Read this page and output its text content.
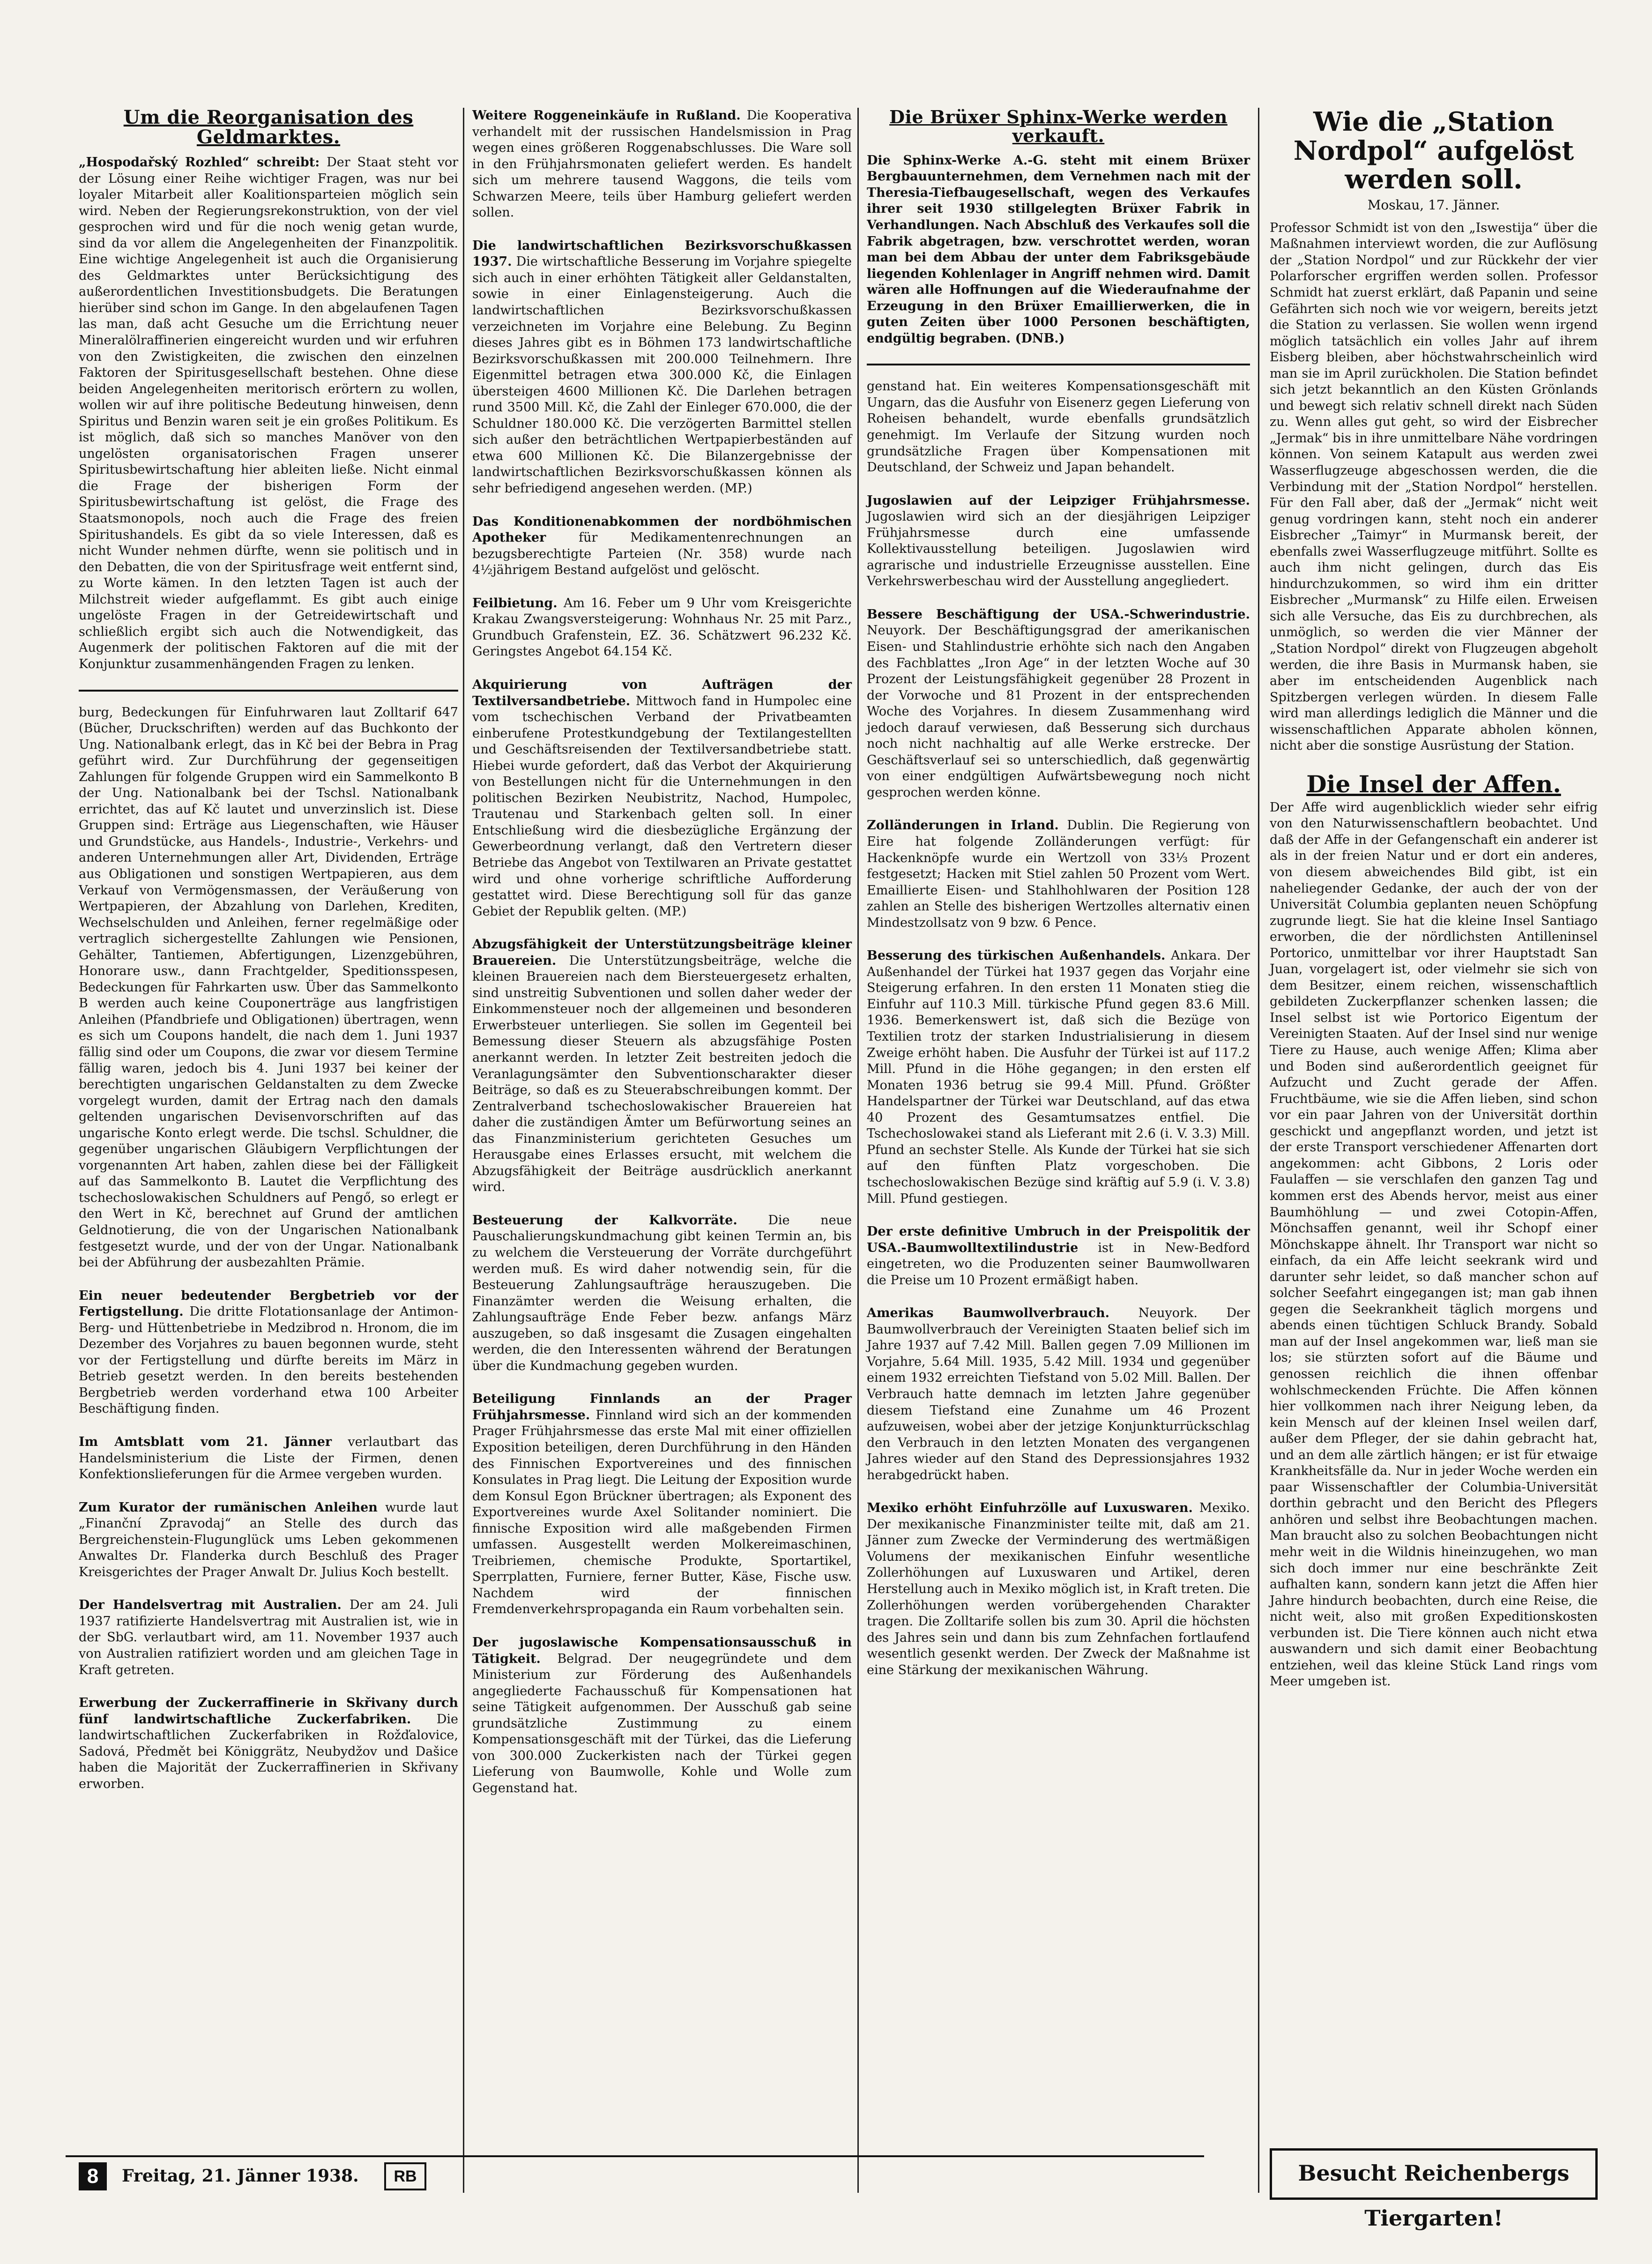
Um die Reorganisation des Geldmarktes.

„Hospodařský Rozhled“ schreibt: Der Staat steht vor der Lösung einer Reihe wichtiger Fragen, was nur bei loyaler Mitarbeit aller Koalitionsparteien möglich sein wird. Neben der Regierungsrekonstruktion, von der viel gesprochen wird und für die noch wenig getan wurde, sind da vor allem die Angelegenheiten der Finanzpolitik. Eine wichtige Angelegenheit ist auch die Organisierung des Geldmarktes unter Berücksichtigung des außerordentlichen Investitionsbudgets. Die Beratungen hierüber sind schon im Gange. In den abgelaufenen Tagen las man, daß acht Gesuche um die Errichtung neuer Mineralölraffinerien eingereicht wurden und wir erfuhren von den Zwistigkeiten, die zwischen den einzelnen Faktoren der Spiritusgesellschaft bestehen. Ohne diese beiden Angelegenheiten meritorisch erörtern zu wollen, wollen wir auf ihre politische Bedeutung hinweisen, denn Spiritus und Benzin waren seit je ein großes Politikum. Es ist möglich, daß sich so manches Manöver von den ungelösten organisatorischen Fragen unserer Spiritusbewirtschaftung hier ableiten ließe. Nicht einmal die Frage der bisherigen Form der Spiritusbewirtschaftung ist gelöst, die Frage des Staatsmonopols, noch auch die Frage des freien Spiritushandels. Es gibt da so viele Interessen, daß es nicht Wunder nehmen dürfte, wenn sie politisch und in den Debatten, die von der Spiritusfrage weit entfernt sind, zu Worte kämen. In den letzten Tagen ist auch der Milchstreit wieder aufgeflammt. Es gibt auch einige ungelöste Fragen in der Getreidewirtschaft und schließlich ergibt sich auch die Notwendigkeit, das Augenmerk der politischen Faktoren auf die mit der Konjunktur zusammenhängenden Fragen zu lenken.

burg, Bedeckungen für Einfuhrwaren laut Zolltarif 647 (Bücher, Druckschriften) werden auf das Buchkonto der Ung. Nationalbank erlegt, das in Kč bei der Bebra in Prag geführt wird. Zur Durchführung der gegenseitigen Zahlungen für folgende Gruppen wird ein Sammelkonto B der Ung. Nationalbank bei der Tschsl. Nationalbank errichtet, das auf Kč lautet und unverzinslich ist. Diese Gruppen sind: Erträge aus Liegenschaften, wie Häuser und Grundstücke, aus Handels-, Industrie-, Verkehrs- und anderen Unternehmungen aller Art, Dividenden, Erträge aus Obligationen und sonstigen Wertpapieren, aus dem Verkauf von Vermögensmassen, der Veräußerung von Wertpapieren, der Abzahlung von Darlehen, Krediten, Wechselschulden und Anleihen, ferner regelmäßige oder vertraglich sichergestellte Zahlungen wie Pensionen, Gehälter, Tantiemen, Abfertigungen, Lizenzgebühren, Honorare usw., dann Frachtgelder, Speditionsspesen, Bedeckungen für Fahrkarten usw. Über das Sammelkonto B werden auch keine Couponerträge aus langfristigen Anleihen (Pfandbriefe und Obligationen) übertragen, wenn es sich um Coupons handelt, die nach dem 1. Juni 1937 fällig sind oder um Coupons, die zwar vor diesem Termine fällig waren, jedoch bis 4. Juni 1937 bei keiner der berechtigten ungarischen Geldanstalten zu dem Zwecke vorgelegt wurden, damit der Ertrag nach den damals geltenden ungarischen Devisenvorschriften auf das ungarische Konto erlegt werde. Die tschsl. Schuldner, die gegenüber ungarischen Gläubigern Verpflichtungen der vorgenannten Art haben, zahlen diese bei der Fälligkeit auf das Sammelkonto B. Lautet die Verpflichtung des tschechoslowakischen Schuldners auf Pengő, so erlegt er den Wert in Kč, berechnet auf Grund der amtlichen Geldnotierung, die von der Ungarischen Nationalbank festgesetzt wurde, und der von der Ungar. Nationalbank bei der Abführung der ausbezahlten Prämie.

Ein neuer bedeutender Bergbetrieb vor der Fertigstellung. Die dritte Flotationsanlage der Antimon-Berg- und Hüttenbetriebe in Medzibrod n. Hronom, die im Dezember des Vorjahres zu bauen begonnen wurde, steht vor der Fertigstellung und dürfte bereits im März in Betrieb gesetzt werden. In den bereits bestehenden Bergbetrieb werden vorderhand etwa 100 Arbeiter Beschäftigung finden.

Im Amtsblatt vom 21. Jänner verlautbart das Handelsministerium die Liste der Firmen, denen Konfektionslieferungen für die Armee vergeben wurden.

Zum Kurator der rumänischen Anleihen wurde laut „Finanční Zpravodaj“ an Stelle des durch das Bergreichenstein-Flugunglück ums Leben gekommenen Anwaltes Dr. Flanderka durch Beschluß des Prager Kreisgerichtes der Prager Anwalt Dr. Julius Koch bestellt.

Der Handelsvertrag mit Australien. Der am 24. Juli 1937 ratifizierte Handelsvertrag mit Australien ist, wie in der SbG. verlautbart wird, am 11. November 1937 auch von Australien ratifiziert worden und am gleichen Tage in Kraft getreten.

Erwerbung der Zuckerraffinerie in Skřivany durch fünf landwirtschaftliche Zuckerfabriken. Die landwirtschaftlichen Zuckerfabriken in Rožďalovice, Sadová, Předmět bei Königgrätz, Neubydžov und Dašice haben die Majorität der Zuckerraffinerien in Skřivany erworben.

Weitere Roggeneinkäufe in Rußland. Die Kooperativa verhandelt mit der russischen Handelsmission in Prag wegen eines größeren Roggenabschlusses. Die Ware soll in den Frühjahrsmonaten geliefert werden. Es handelt sich um mehrere tausend Waggons, die teils vom Schwarzen Meere, teils über Hamburg geliefert werden sollen.

Die landwirtschaftlichen Bezirksvorschußkassen 1937. Die wirtschaftliche Besserung im Vorjahre spiegelte sich auch in einer erhöhten Tätigkeit aller Geldanstalten, sowie in einer Einlagensteigerung. Auch die landwirtschaftlichen Bezirksvorschußkassen verzeichneten im Vorjahre eine Belebung. Zu Beginn dieses Jahres gibt es in Böhmen 173 landwirtschaftliche Bezirksvorschußkassen mit 200.000 Teilnehmern. Ihre Eigenmittel betragen etwa 300.000 Kč, die Einlagen übersteigen 4600 Millionen Kč. Die Darlehen betragen rund 3500 Mill. Kč, die Zahl der Einleger 670.000, die der Schuldner 180.000 Kč. Die verzögerten Barmittel stellen sich außer den beträchtlichen Wertpapierbeständen auf etwa 600 Millionen Kč. Die Bilanzergebnisse der landwirtschaftlichen Bezirksvorschußkassen können als sehr befriedigend angesehen werden. (MP.)

Das Konditionenabkommen der nordböhmischen Apotheker	für Medikamentenrechnungen an bezugsberechtigte Parteien (Nr. 358) wurde nach 4½jährigem Bestand aufgelöst und gelöscht.

Feilbietung. Am 16. Feber um 9 Uhr vom Kreisgerichte Krakau Zwangsversteigerung: Wohnhaus Nr. 25 mit Parz., Grundbuch Grafenstein, EZ. 36. Schätzwert 96.232 Kč. Geringstes Angebot 64.154 Kč.

Akquirierung von Aufträgen der Textilversandbetriebe. Mittwoch fand in Humpolec eine vom tschechischen Verband der Privatbeamten einberufene Protestkundgebung der Textilangestellten und Geschäftsreisenden der Textilversandbetriebe statt. Hiebei wurde gefordert, daß das Verbot der Akquirierung von Bestellungen nicht für die Unternehmungen in den politischen Bezirken Neubistritz, Nachod, Humpolec, Trautenau und Starkenbach gelten soll. In einer Entschließung wird die diesbezügliche Ergänzung der Gewerbeordnung verlangt, daß den Vertretern dieser Betriebe das Angebot von Textilwaren an Private gestattet wird und ohne vorherige schriftliche Aufforderung gestattet wird. Diese Berechtigung soll für das ganze Gebiet der Republik gelten. (MP.)

Abzugsfähigkeit der Unterstützungsbeiträge kleiner Brauereien. Die Unterstützungsbeiträge, welche die kleinen Brauereien nach dem Biersteuergesetz erhalten, sind unstreitig Subventionen und sollen daher weder der Einkommensteuer noch der allgemeinen und besonderen Erwerbsteuer unterliegen. Sie sollen im Gegenteil bei Bemessung dieser Steuern als abzugsfähige Posten anerkannt werden. In letzter Zeit bestreiten jedoch die Veranlagungsämter den Subventionscharakter dieser Beiträge, so daß es zu Steuerabschreibungen kommt. Der Zentralverband tschechoslowakischer Brauereien hat daher die zuständigen Ämter um Befürwortung seines an das Finanzministerium gerichteten Gesuches um Herausgabe eines Erlasses ersucht, mit welchem die Abzugsfähigkeit der Beiträge ausdrücklich anerkannt wird.

Besteuerung der Kalkvorräte. Die neue Pauschalierungskundmachung gibt keinen Termin an, bis zu welchem die Versteuerung der Vorräte durchgeführt werden muß. Es wird daher notwendig sein, für die Besteuerung Zahlungsaufträge herauszugeben. Die Finanzämter werden die Weisung erhalten, die Zahlungsaufträge Ende Feber bezw. anfangs März auszugeben, so daß insgesamt die Zusagen eingehalten werden, die den Interessenten während der Beratungen über die Kundmachung gegeben wurden.

Beteiligung Finnlands an der Prager Frühjahrsmesse. Finnland wird sich an der kommenden Prager Frühjahrsmesse das erste Mal mit einer offiziellen Exposition beteiligen, deren Durchführung in den Händen des Finnischen Exportvereines und des finnischen Konsulates in Prag liegt. Die Leitung der Exposition wurde dem Konsul Egon Brückner übertragen; als Exponent des Exportvereines wurde Axel Solitander nominiert. Die finnische Exposition wird alle maßgebenden Firmen umfassen. Ausgestellt werden Molkereimaschinen, Treibriemen, chemische Produkte, Sportartikel, Sperrplatten, Furniere, ferner Butter, Käse, Fische usw. Nachdem wird der finnischen Fremdenverkehrspropaganda ein Raum vorbehalten sein.

Der jugoslawische Kompensationsausschuß in Tätigkeit. Belgrad. Der neugegründete und dem Ministerium zur Förderung des Außenhandels angegliederte Fachausschuß für Kompensationen hat seine Tätigkeit aufgenommen. Der Ausschuß gab seine grundsätzliche Zustimmung zu einem Kompensationsgeschäft mit der Türkei, das die Lieferung von 300.000 Zuckerkisten nach der Türkei gegen Lieferung von Baumwolle, Kohle und Wolle zum Gegenstand hat.

Die Brüxer Sphinx-Werke werden verkauft.

Die Sphinx-Werke A.-G. steht mit einem Brüxer Bergbauunternehmen, dem Vernehmen nach mit der Theresia-Tiefbaugesellschaft, wegen des Verkaufes ihrer seit 1930 stillgelegten Brüxer Fabrik in Verhandlungen. Nach Abschluß des Verkaufes soll die Fabrik abgetragen, bzw. verschrottet werden, woran man bei dem Abbau der unter dem Fabriksgebäude liegenden Kohlenlager in Angriff nehmen wird. Damit wären alle Hoffnungen auf die Wiederaufnahme der Erzeugung in den Brüxer Emaillierwerken, die in guten Zeiten über 1000 Personen beschäftigten, endgültig begraben. (DNB.)

genstand hat. Ein weiteres Kompensationsgeschäft mit Ungarn, das die Ausfuhr von Eisenerz gegen Lieferung von Roheisen behandelt, wurde ebenfalls grundsätzlich genehmigt. Im Verlaufe der Sitzung wurden noch grundsätzliche Fragen über Kompensationen mit Deutschland, der Schweiz und Japan behandelt.

Jugoslawien auf der Leipziger Frühjahrsmesse. Jugoslawien wird sich an der diesjährigen Leipziger Frühjahrsmesse durch eine umfassende Kollektivausstellung beteiligen. Jugoslawien wird agrarische und industrielle Erzeugnisse ausstellen. Eine Verkehrswerbeschau wird der Ausstellung angegliedert.

Bessere Beschäftigung der USA.-Schwerindustrie. Neuyork. Der Beschäftigungsgrad der amerikanischen Eisen- und Stahlindustrie erhöhte sich nach den Angaben des Fachblattes „Iron Age“ in der letzten Woche auf 30 Prozent der Leistungsfähigkeit gegenüber 28 Prozent in der Vorwoche und 81 Prozent in der entsprechenden Woche des Vorjahres. In diesem Zusammenhang wird jedoch darauf verwiesen, daß Besserung sich durchaus noch nicht nachhaltig auf alle Werke erstrecke. Der Geschäftsverlauf sei so unterschiedlich, daß gegenwärtig von einer endgültigen Aufwärtsbewegung noch nicht gesprochen werden könne.

Zolländerungen in Irland. Dublin. Die Regierung von Eire hat folgende Zolländerungen verfügt: für Hackenknöpfe wurde ein Wertzoll von 33⅓ Prozent festgesetzt; Hacken mit Stiel zahlen 50 Prozent vom Wert. Emaillierte Eisen- und Stahlhohlwaren der Position 128 zahlen an Stelle des bisherigen Wertzolles alternativ einen Mindestzollsatz von 9 bzw. 6 Pence.

Besserung des türkischen Außenhandels. Ankara. Der Außenhandel der Türkei hat 1937 gegen das Vorjahr eine Steigerung erfahren. In den ersten 11 Monaten stieg die Einfuhr auf 110.3 Mill. türkische Pfund gegen 83.6 Mill. 1936. Bemerkenswert ist, daß sich die Bezüge von Textilien trotz der starken Industrialisierung in diesem Zweige erhöht haben. Die Ausfuhr der Türkei ist auf 117.2 Mill. Pfund in die Höhe gegangen; in den ersten elf Monaten 1936 betrug sie 99.4 Mill. Pfund. Größter Handelspartner der Türkei war Deutschland, auf das etwa 40 Prozent des Gesamtumsatzes entfiel. Die Tschechoslowakei stand als Lieferant mit 2.6 (i. V. 3.3) Mill. Pfund an sechster Stelle. Als Kunde der Türkei hat sie sich auf den fünften Platz vorgeschoben. Die tschechoslowakischen Bezüge sind kräftig auf 5.9 (i. V. 3.8) Mill. Pfund gestiegen.

Der erste definitive Umbruch in der Preispolitik der USA.-Baumwolltextilindustrie ist in New-Bedford eingetreten, wo die Produzenten seiner Baumwollwaren die Preise um 10 Prozent ermäßigt haben.

Amerikas Baumwollverbrauch. Neuyork. Der Baumwollverbrauch der Vereinigten Staaten belief sich im Jahre 1937 auf 7.42 Mill. Ballen gegen 7.09 Millionen im Vorjahre, 5.64 Mill. 1935, 5.42 Mill. 1934 und gegenüber einem 1932 erreichten Tiefstand von 5.02 Mill. Ballen. Der Verbrauch hatte demnach im letzten Jahre gegenüber diesem Tiefstand eine Zunahme um 46 Prozent aufzuweisen, wobei aber der jetzige Konjunkturrückschlag den Verbrauch in den letzten Monaten des vergangenen Jahres wieder auf den Stand des Depressionsjahres 1932 herabgedrückt haben.

Mexiko erhöht Einfuhrzölle auf Luxuswaren. Mexiko. Der mexikanische Finanzminister teilte mit, daß am 21. Jänner zum Zwecke der Verminderung des wertmäßigen Volumens der mexikanischen Einfuhr wesentliche Zollerhöhungen auf Luxuswaren und Artikel, deren Herstellung auch in Mexiko möglich ist, in Kraft treten. Die Zollerhöhungen werden vorübergehenden Charakter tragen. Die Zolltarife sollen bis zum 30. April die höchsten des Jahres sein und dann bis zum Zehnfachen fortlaufend wesentlich gesenkt werden. Der Zweck der Maßnahme ist eine Stärkung der mexikanischen Währung.

Wie die „Station Nordpol“ aufgelöst werden soll.
Moskau, 17. Jänner.

Professor Schmidt ist von den „Iswestija“ über die Maßnahmen interviewt worden, die zur Auflösung der „Station Nordpol“ und zur Rückkehr der vier Polarforscher ergriffen werden sollen. Professor Schmidt hat zuerst erklärt, daß Papanin und seine Gefährten sich noch wie vor weigern, bereits jetzt die Station zu verlassen. Sie wollen wenn irgend möglich tatsächlich ein volles Jahr auf ihrem Eisberg bleiben, aber höchstwahrscheinlich wird man sie im April zurückholen. Die Station befindet sich jetzt bekanntlich an den Küsten Grönlands und bewegt sich relativ schnell direkt nach Süden zu. Wenn alles gut geht, so wird der Eisbrecher „Jermak“ bis in ihre unmittelbare Nähe vordringen können. Von seinem Katapult aus werden zwei Wasserflugzeuge abgeschossen werden, die die Verbindung mit der „Station Nordpol“ herstellen. Für den Fall aber, daß der „Jermak“ nicht weit genug vordringen kann, steht noch ein anderer Eisbrecher „Taimyr“ in Murmansk bereit, der ebenfalls zwei Wasserflugzeuge mitführt. Sollte es auch ihm nicht gelingen, durch das Eis hindurchzukommen, so wird ihm ein dritter Eisbrecher „Murmansk“ zu Hilfe eilen. Erweisen sich alle Versuche, das Eis zu durchbrechen, als unmöglich, so werden die vier Männer der „Station Nordpol“ direkt von Flugzeugen abgeholt werden, die ihre Basis in Murmansk haben, sie aber im entscheidenden Augenblick nach Spitzbergen verlegen würden. In diesem Falle wird man allerdings lediglich die Männer und die wissenschaftlichen Apparate abholen können, nicht aber die sonstige Ausrüstung der Station.

Die Insel der Affen.

Der Affe wird augenblicklich wieder sehr eifrig von den Naturwissenschaftlern beobachtet. Und daß der Affe in der Gefangenschaft ein anderer ist als in der freien Natur und er dort ein anderes, von diesem abweichendes Bild gibt, ist ein naheliegender Gedanke, der auch der von der Universität Columbia geplanten neuen Schöpfung zugrunde liegt. Sie hat die kleine Insel Santiago erworben, die der nördlichsten Antilleninsel Portorico, unmittelbar vor ihrer Hauptstadt San Juan, vorgelagert ist, oder vielmehr sie sich von dem Besitzer, einem reichen, wissenschaftlich gebildeten Zuckerpflanzer schenken lassen; die Insel selbst ist wie Portorico Eigentum der Vereinigten Staaten. Auf der Insel sind nur wenige Tiere zu Hause, auch wenige Affen; Klima aber und Boden sind außerordentlich geeignet für Aufzucht und Zucht gerade der Affen. Fruchtbäume, wie sie die Affen lieben, sind schon vor ein paar Jahren von der Universität dorthin geschickt und angepflanzt worden, und jetzt ist der erste Transport verschiedener Affenarten dort angekommen: acht Gibbons, 2 Loris oder Faulaffen — sie verschlafen den ganzen Tag und kommen erst des Abends hervor, meist aus einer Baumhöhlung — und zwei Cotopin-Affen, Mönchsaffen genannt, weil ihr Schopf einer Mönchskappe ähnelt. Ihr Transport war nicht so einfach, da ein Affe leicht seekrank wird und darunter sehr leidet, so daß mancher schon auf solcher Seefahrt eingegangen ist; man gab ihnen gegen die Seekrankheit täglich morgens und abends einen tüchtigen Schluck Brandy. Sobald man auf der Insel angekommen war, ließ man sie los; sie stürzten sofort auf die Bäume und genossen reichlich die ihnen offenbar wohlschmeckenden Früchte. Die Affen können hier vollkommen nach ihrer Neigung leben, da kein Mensch auf der kleinen Insel weilen darf, außer dem Pfleger, der sie dahin gebracht hat, und an dem alle zärtlich hängen; er ist für etwaige Krankheitsfälle da. Nur in jeder Woche werden ein paar Wissenschaftler der Columbia-Universität dorthin gebracht und den Bericht des Pflegers anhören und selbst ihre Beobachtungen machen. Man braucht also zu solchen Beobachtungen nicht mehr weit in die Wildnis hineinzugehen, wo man sich doch immer nur eine beschränkte Zeit aufhalten kann, sondern kann jetzt die Affen hier Jahre hindurch beobachten, durch eine Reise, die nicht weit, also mit großen Expeditionskosten verbunden ist. Die Tiere können auch nicht etwa auswandern und sich damit einer Beobachtung entziehen, weil das kleine Stück Land rings vom Meer umgeben ist.

8	Freitag, 21. Jänner 1938.	RB	Besucht Reichenbergs Tiergarten!
